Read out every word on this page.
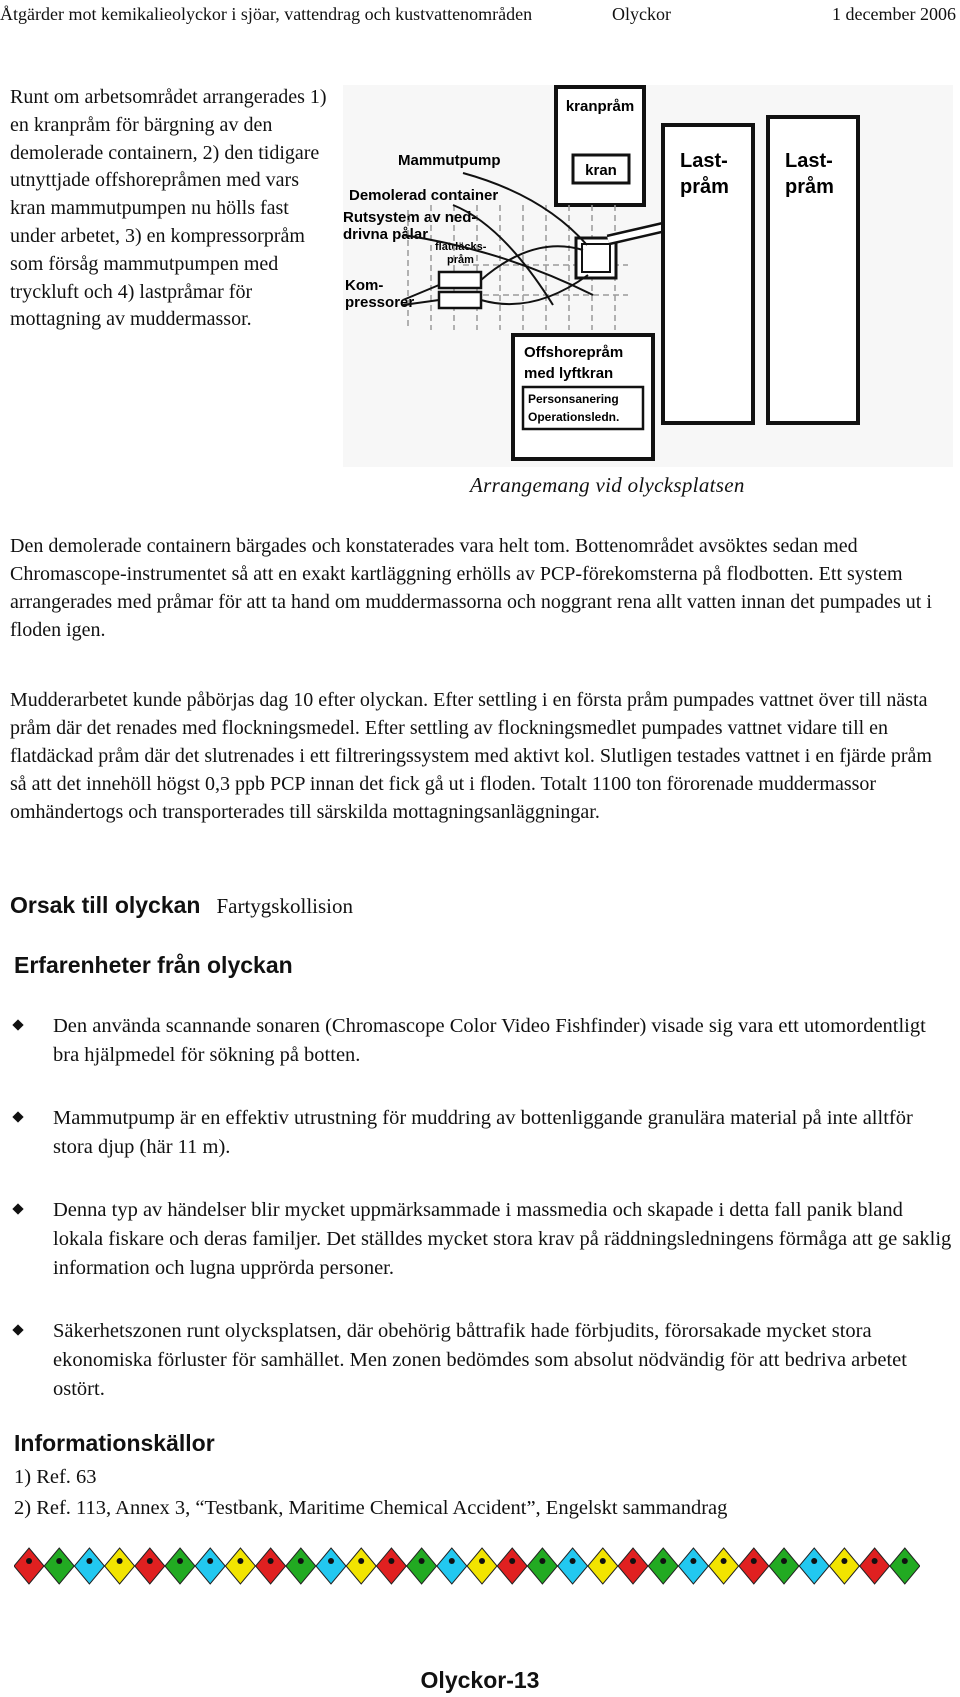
Åtgärder mot kemikalieolyckor i sjöar, vattendrag och kustvattenområden	Olyckor	1 december 2006
Runt om arbetsområdet arrangerades 1) en kranpråm för bärgning av den demolerade containern, 2) den tidigare utnyttjade offshorepråmen med vars kran mammutpumpen nu hölls fast under arbetet, 3) en kompressorpråm som försåg mammutpumpen med tryckluft och 4) lastpråmar för mottagning av muddermassor.
kranpråm
kran
Mammutpump
Demolerad container
Rutsystem av ned-
drivna pålar
flatdäcks-
pråm
Kom-
pressorer
Offshorepråm
med lyftkran
Personsanering
Operationsledn.
Last-
pråm
Last-
pråm
Arrangemang vid olycksplatsen
Den demolerade containern bärgades och konstaterades vara helt tom. Bottenområdet avsöktes sedan med Chromascope-instrumentet så att en exakt kartläggning erhölls av PCP-förekomsterna på flodbotten. Ett system arrangerades med pråmar för att ta hand om muddermassorna och noggrant rena allt vatten innan det pumpades ut i floden igen.
Mudderarbetet kunde påbörjas dag 10 efter olyckan. Efter settling i en första pråm pumpades vattnet över till nästa pråm där det renades med flockningsmedel. Efter settling av flockningsmedlet pumpades vattnet vidare till en flatdäckad pråm där det slutrenades i ett filtreringssystem med aktivt kol. Slutligen testades vattnet i en fjärde pråm så att det innehöll högst 0,3 ppb PCP innan det fick gå ut i floden. Totalt 1100 ton förorenade muddermassor omhändertogs och transporterades till särskilda mottagningsanläggningar.
Orsak till olyckan Fartygskollision
Erfarenheter från olyckan
Den använda scannande sonaren (Chromascope Color Video Fishfinder) visade sig vara ett utomordentligt bra hjälpmedel för sökning på botten.
Mammutpump är en effektiv utrustning för muddring av bottenliggande granulära material på inte alltför stora djup (här 11 m).
Denna typ av händelser blir mycket uppmärksammade i massmedia och skapade i detta fall panik bland lokala fiskare och deras familjer. Det ställdes mycket stora krav på räddningsledningens förmåga att ge saklig information och lugna upprörda personer.
Säkerhetszonen runt olycksplatsen, där obehörig båttrafik hade förbjudits, förorsakade mycket stora ekonomiska förluster för samhället. Men zonen bedömdes som absolut nödvändig för att bedriva arbetet ostört.
Informationskällor
1) Ref. 63
2) Ref. 113, Annex 3, “Testbank, Maritime Chemical Accident”, Engelskt sammandrag
Olyckor-13
